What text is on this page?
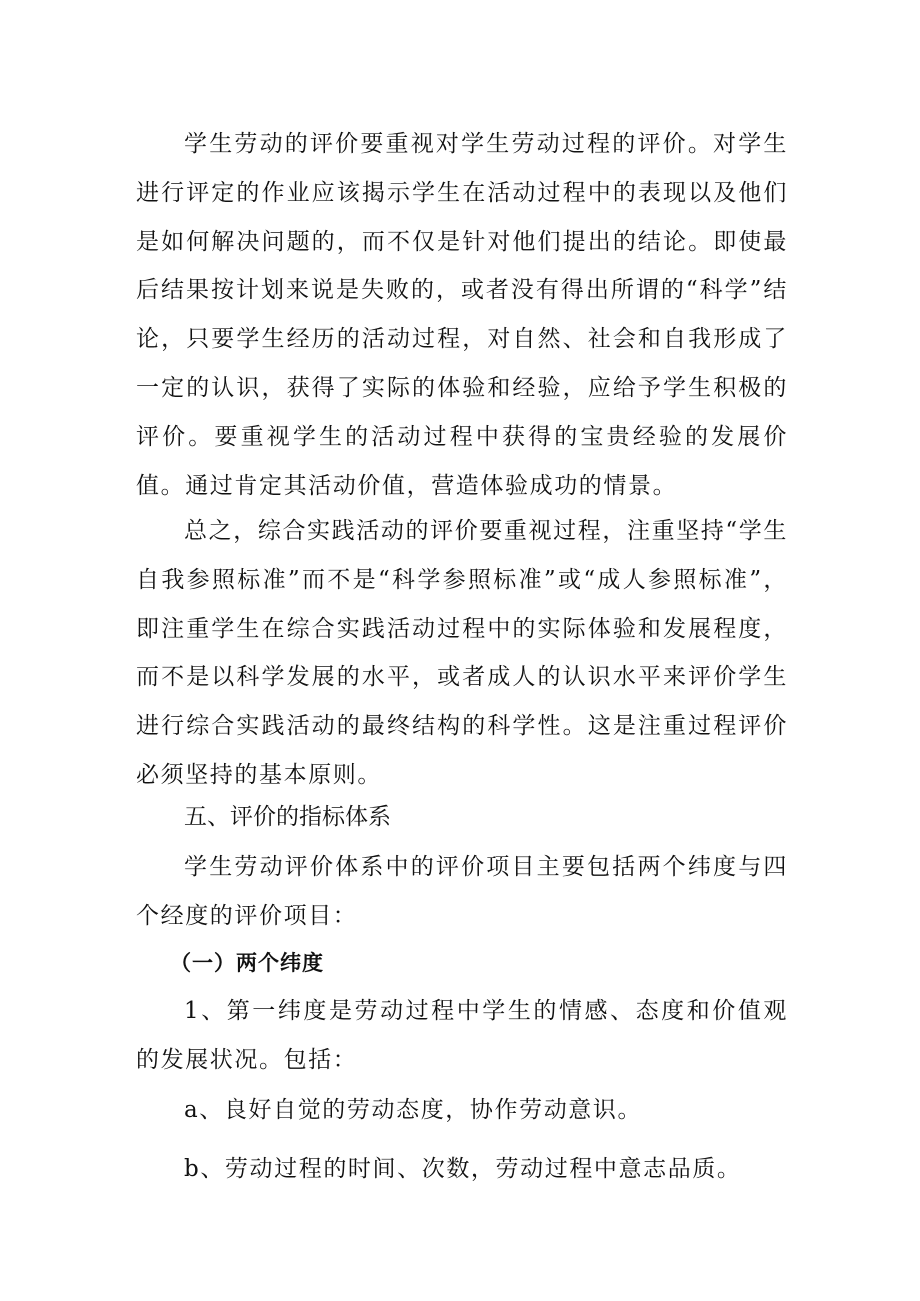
学生劳动的评价要重视对学生劳动过程的评价。对学生进行评定的作业应该揭示学生在活动过程中的表现以及他们是如何解决问题的，而不仅是针对他们提出的结论。即使最后结果按计划来说是失败的，或者没有得出所谓的“科学”结论，只要学生经历的活动过程，对自然、社会和自我形成了一定的认识，获得了实际的体验和经验，应给予学生积极的评价。要重视学生的活动过程中获得的宝贵经验的发展价值。通过肯定其活动价值，营造体验成功的情景。

总之，综合实践活动的评价要重视过程，注重坚持“学生自我参照标准”而不是“科学参照标准”或“成人参照标准”，即注重学生在综合实践活动过程中的实际体验和发展程度，而不是以科学发展的水平，或者成人的认识水平来评价学生进行综合实践活动的最终结构的科学性。这是注重过程评价必须坚持的基本原则。

五、评价的指标体系

学生劳动评价体系中的评价项目主要包括两个纬度与四个经度的评价项目：

（一）两个纬度

1、第一纬度是劳动过程中学生的情感、态度和价值观的发展状况。包括：

a、良好自觉的劳动态度，协作劳动意识。

b、劳动过程的时间、次数，劳动过程中意志品质。
